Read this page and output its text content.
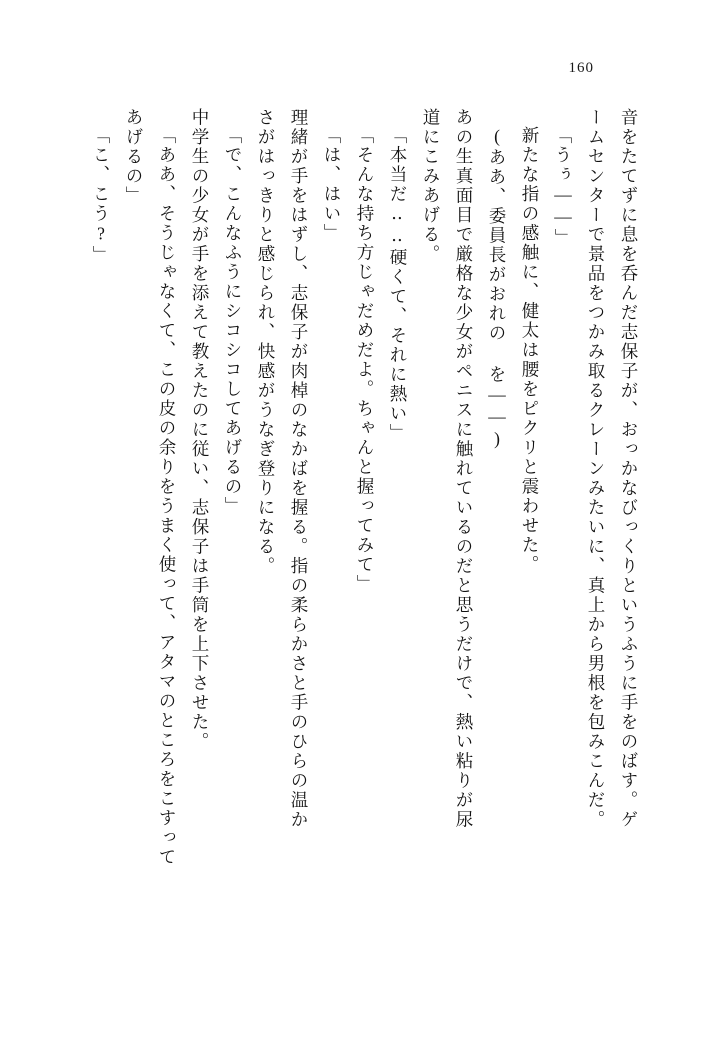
160
音をたてずに息を呑んだ志保子が、おっかなびっくりというふうに手をのばす。ゲ
ームセンターで景品をつかみ取るクレーンみたいに、真上から男根を包みこんだ。
「うぅ——」
新たな指の感触に、健太は腰をピクリと震わせた。
(ああ、委員長がおれの を——)
あの生真面目で厳格な少女がペニスに触れているのだと思うだけで、熱い粘りが尿
道にこみあげる。
「本当だ‥‥硬くて、それに熱い」
「そんな持ち方じゃだめだよ。ちゃんと握ってみて」
「は、はい」
理緒が手をはずし、志保子が肉棹のなかばを握る。指の柔らかさと手のひらの温か
さがはっきりと感じられ、快感がうなぎ登りになる。
「で、こんなふうにシコシコしてあげるの」
中学生の少女が手を添えて教えたのに従い、志保子は手筒を上下させた。
「ああ、そうじゃなくて、この皮の余りをうまく使って、アタマのところをこすって
あげるの」
「こ、こう?」
